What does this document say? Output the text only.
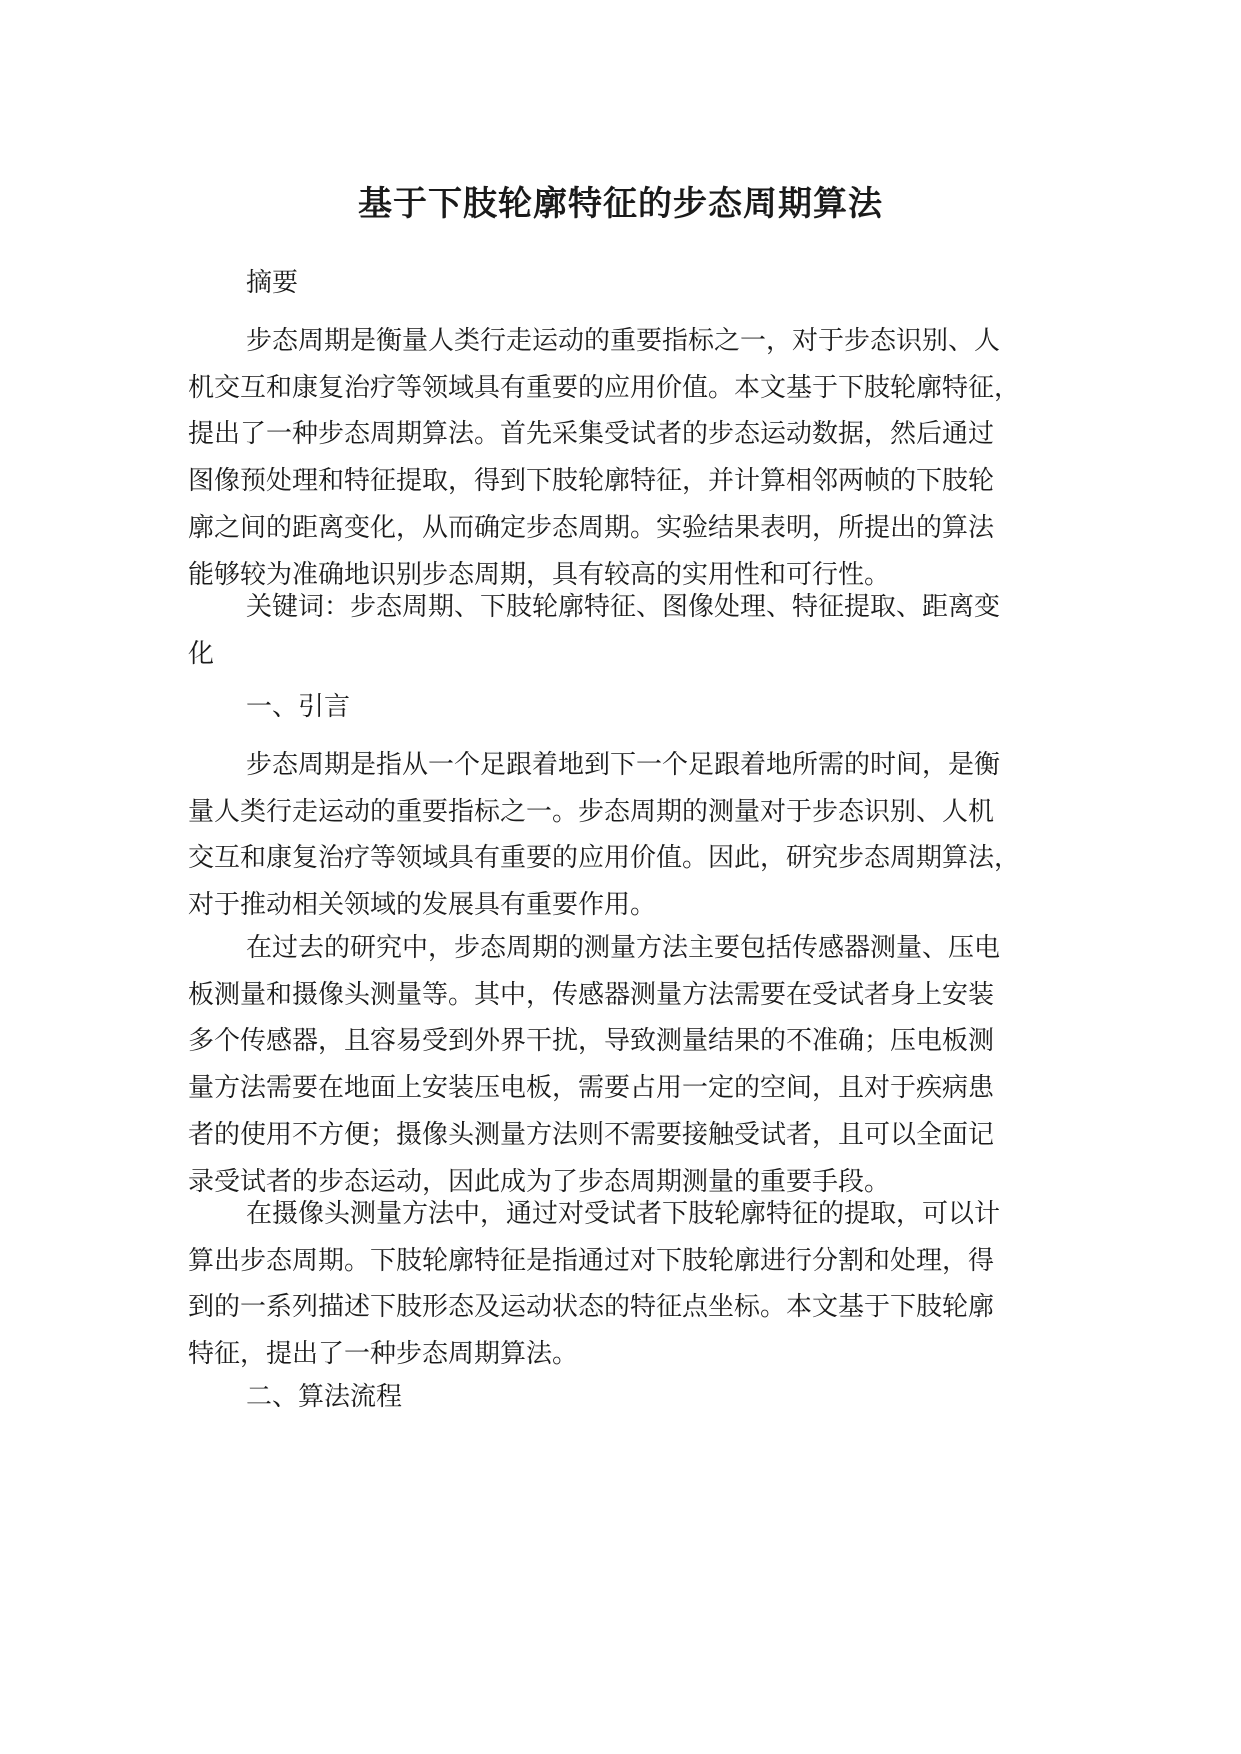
基于下肢轮廓特征的步态周期算法

摘要

步态周期是衡量人类行走运动的重要指标之一，对于步态识别、人
机交互和康复治疗等领域具有重要的应用价值。本文基于下肢轮廓特征，
提出了一种步态周期算法。首先采集受试者的步态运动数据，然后通过
图像预处理和特征提取，得到下肢轮廓特征，并计算相邻两帧的下肢轮
廓之间的距离变化，从而确定步态周期。实验结果表明，所提出的算法
能够较为准确地识别步态周期，具有较高的实用性和可行性。

关键词：步态周期、下肢轮廓特征、图像处理、特征提取、距离变
化

一、引言

步态周期是指从一个足跟着地到下一个足跟着地所需的时间，是衡
量人类行走运动的重要指标之一。步态周期的测量对于步态识别、人机
交互和康复治疗等领域具有重要的应用价值。因此，研究步态周期算法，
对于推动相关领域的发展具有重要作用。

在过去的研究中，步态周期的测量方法主要包括传感器测量、压电
板测量和摄像头测量等。其中，传感器测量方法需要在受试者身上安装
多个传感器，且容易受到外界干扰，导致测量结果的不准确；压电板测
量方法需要在地面上安装压电板，需要占用一定的空间，且对于疾病患
者的使用不方便；摄像头测量方法则不需要接触受试者，且可以全面记
录受试者的步态运动，因此成为了步态周期测量的重要手段。

在摄像头测量方法中，通过对受试者下肢轮廓特征的提取，可以计
算出步态周期。下肢轮廓特征是指通过对下肢轮廓进行分割和处理，得
到的一系列描述下肢形态及运动状态的特征点坐标。本文基于下肢轮廓
特征，提出了一种步态周期算法。

二、算法流程
